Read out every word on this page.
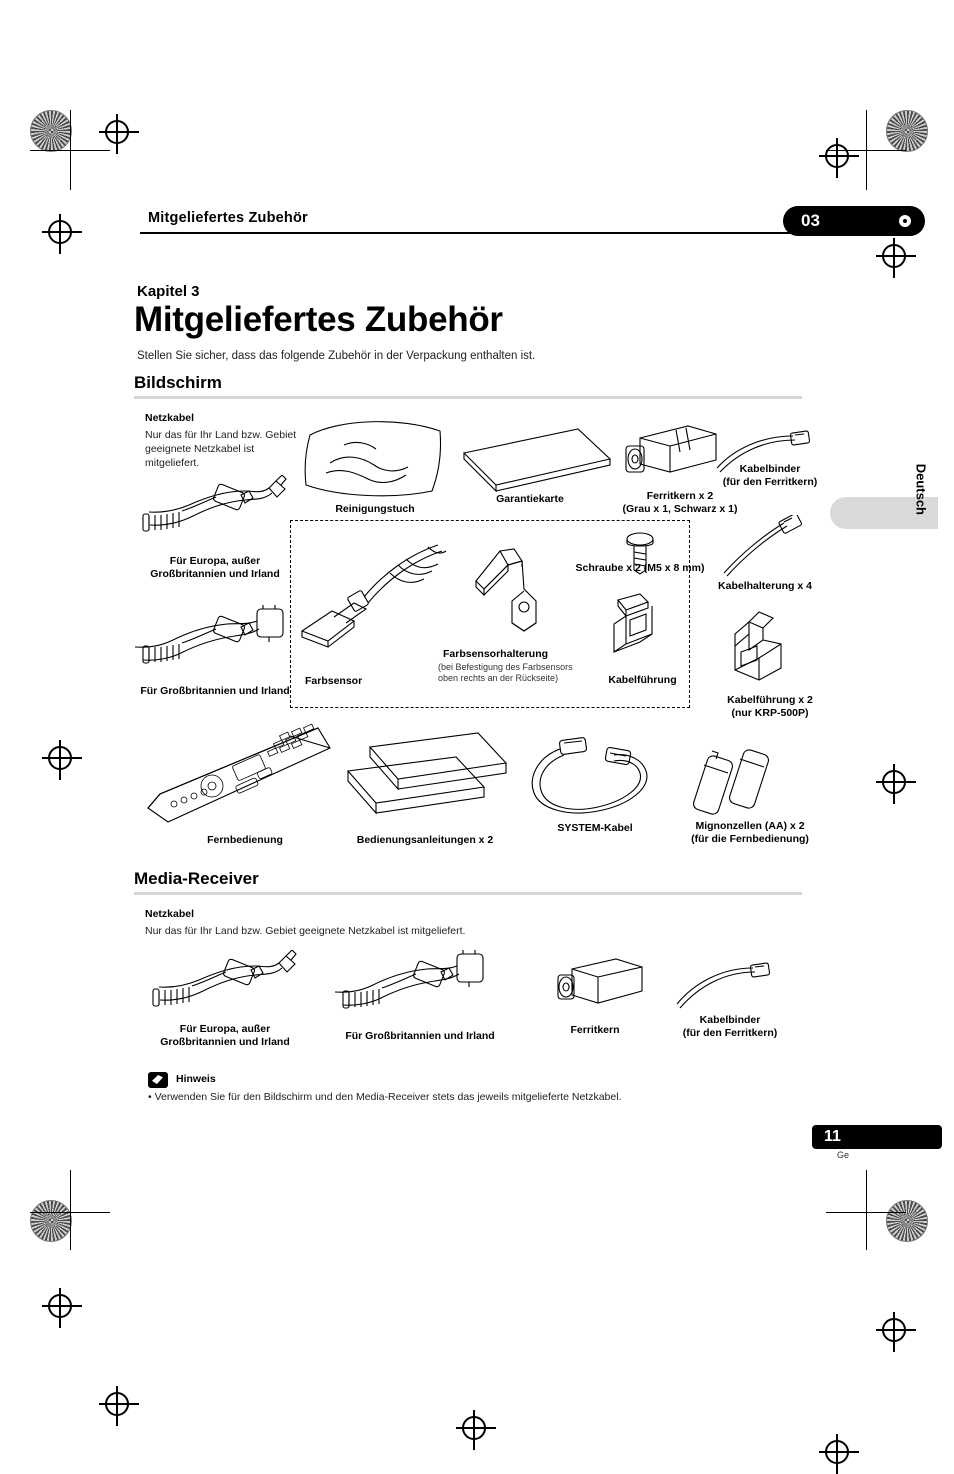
Mitgeliefertes Zubehör	03
Kapitel 3
Mitgeliefertes Zubehör
Stellen Sie sicher, dass das folgende Zubehör in der Verpackung enthalten ist.
Bildschirm
Netzkabel
Nur das für Ihr Land bzw. Gebiet geeignete Netzkabel ist mitgeliefert.
Für Europa, außer
Großbritannien und Irland
Für Großbritannien und Irland
Reinigungstuch
Garantiekarte	Ferritkern x 2
(Grau x 1, Schwarz x 1)
Kabelbinder
(für den Ferritkern)
Kabelhalterung x 4
Farbsensor
Farbsensorhalterung
(bei Befestigung des Farbsensors
oben rechts an der Rückseite)
Schraube x 2 (M5 x 8 mm)
Kabelführung
Kabelführung x 2
(nur KRP-500P)
Fernbedienung	Bedienungsanleitungen x 2
SYSTEM-Kabel	Mignonzellen (AA) x 2
(für die Fernbedienung)
Media-Receiver
Netzkabel
Nur das für Ihr Land bzw. Gebiet geeignete Netzkabel ist mitgeliefert.
Für Europa, außer
Großbritannien und Irland
Für Großbritannien und Irland	Ferritkern
Kabelbinder
(für den Ferritkern)
Hinweis
• Verwenden Sie für den Bildschirm und den Media-Receiver stets das jeweils mitgelieferte Netzkabel.
Deutsch
11
Ge
